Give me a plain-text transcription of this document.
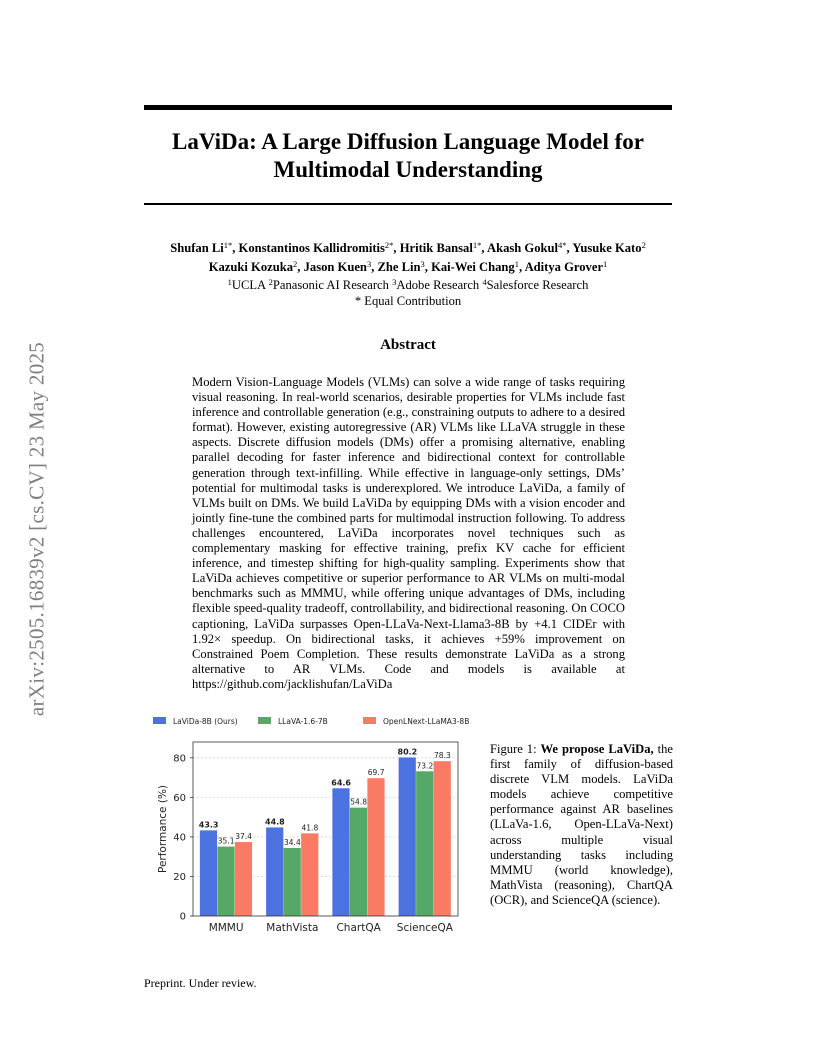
arXiv:2505.16839v2 [cs.CV] 23 May 2025
LaViDa: A Large Diffusion Language Model for
Multimodal Understanding
Shufan $Li^{1*}$, Konstantinos Kallidromitis$^{2*}$, Hritik Bansal$^{1*}$, Akash Gokul$^{4*}$, Yusuke Kato$^2$
Kazuki Kozuka$^2$, Jason Kuen$^3$, Zhe Lin$^3$, Kai-Wei Chang$^1$, Aditya Grover$^1$
$^1$UCLA $^2$Panasonic AI Research $^3$Adobe Research $^4$Salesforce Research
* Equal Contribution
Abstract
Modern Vision-Language Models (VLMs) can solve a wide range of tasks requiring visual reasoning. In real-world scenarios, desirable properties for VLMs include fast inference and controllable generation (e.g., constraining outputs to adhere to a desired format). However, existing autoregressive (AR) VLMs like LLaVA struggle in these aspects. Discrete diffusion models (DMs) offer a promising alternative, enabling parallel decoding for faster inference and bidirectional context for controllable generation through text-infilling. While effective in language-only settings, DMs’ potential for multimodal tasks is underexplored. We introduce LaViDa, a family of VLMs built on DMs. We build LaViDa by equipping DMs with a vision encoder and jointly fine-tune the combined parts for multimodal instruction following. To address challenges encountered, LaViDa incorporates novel techniques such as complementary masking for effective training, prefix KV cache for efficient inference, and timestep shifting for high-quality sampling. Experiments show that LaViDa achieves competitive or superior performance to AR VLMs on multi-modal benchmarks such as MMMU, while offering unique advantages of DMs, including flexible speed-quality tradeoff, controllability, and bidirectional reasoning. On COCO captioning, LaViDa surpasses Open-LLaVa-Next-Llama3-8B by +4.1 CIDEr with 1.92× speedup. On bidirectional tasks, it achieves +59% improvement on Constrained Poem Completion. These results demonstrate LaViDa as a strong alternative to AR VLMs. Code and models is available at https://github.com/jacklishufan/LaViDa
LaViDa-8B (Ours)	LLaVA-1.6-7B	OpenLNext-LLaMA3-8B
0
20
40
60
80
43.3
35.1
37.4
MMMU
44.8
34.4
41.8
MathVista
64.6
54.8
69.7
ChartQA
80.2
73.2
78.3
ScienceQA
Performance (%)
Figure 1: We propose LaViDa, the first family of diffusion-based discrete VLM models. LaViDa models achieve competitive performance against AR baselines (LLaVa-1.6, Open-LLaVa-Next) across multiple visual understanding tasks including MMMU (world knowledge), MathVista (reasoning), ChartQA (OCR), and ScienceQA (science).
Preprint. Under review.
